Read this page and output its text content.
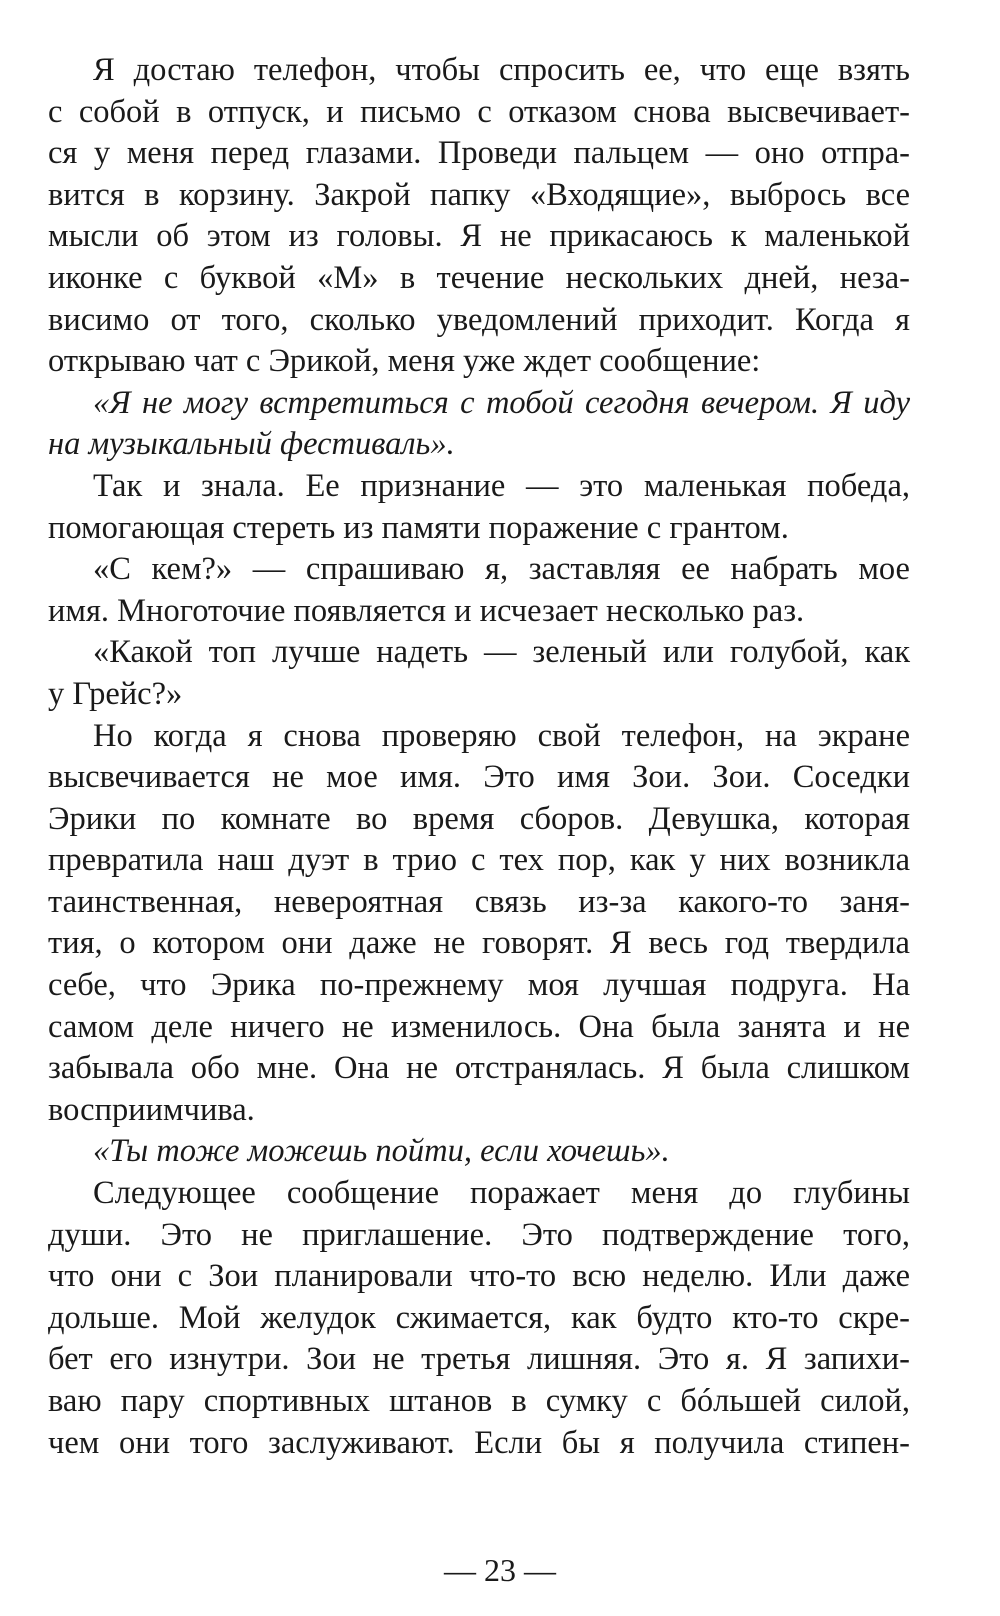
Я достаю телефон, чтобы спросить ее, что еще взять
с собой в отпуск, и письмо с отказом снова высвечивает-
ся у меня перед глазами. Проведи пальцем — оно отпра-
вится в корзину. Закрой папку «Входящие», выбрось все
мысли об этом из головы. Я не прикасаюсь к маленькой
иконке с буквой «М» в течение нескольких дней, неза-
висимо от того, сколько уведомлений приходит. Когда я
открываю чат с Эрикой, меня уже ждет сообщение:

«Я не могу встретиться с тобой сегодня вечером. Я иду
на музыкальный фестиваль».

Так и знала. Ее признание — это маленькая победа,
помогающая стереть из памяти поражение с грантом.

«С кем?» — спрашиваю я, заставляя ее набрать мое
имя. Многоточие появляется и исчезает несколько раз.

«Какой топ лучше надеть — зеленый или голубой, как
у Грейс?»

Но когда я снова проверяю свой телефон, на экране
высвечивается не мое имя. Это имя Зои. Зои. Соседки
Эрики по комнате во время сборов. Девушка, которая
превратила наш дуэт в трио с тех пор, как у них возникла
таинственная, невероятная связь из-за какого-то заня-
тия, о котором они даже не говорят. Я весь год твердила
себе, что Эрика по-прежнему моя лучшая подруга. На
самом деле ничего не изменилось. Она была занята и не
забывала обо мне. Она не отстранялась. Я была слишком
восприимчива.

«Ты тоже можешь пойти, если хочешь».

Следующее сообщение поражает меня до глубины
души. Это не приглашение. Это подтверждение того,
что они с Зои планировали что-то всю неделю. Или даже
дольше. Мой желудок сжимается, как будто кто-то скре-
бет его изнутри. Зои не третья лишняя. Это я. Я запихи-
ваю пару спортивных штанов в сумку с бóльшей силой,
чем они того заслуживают. Если бы я получила стипен-

— 23 —
